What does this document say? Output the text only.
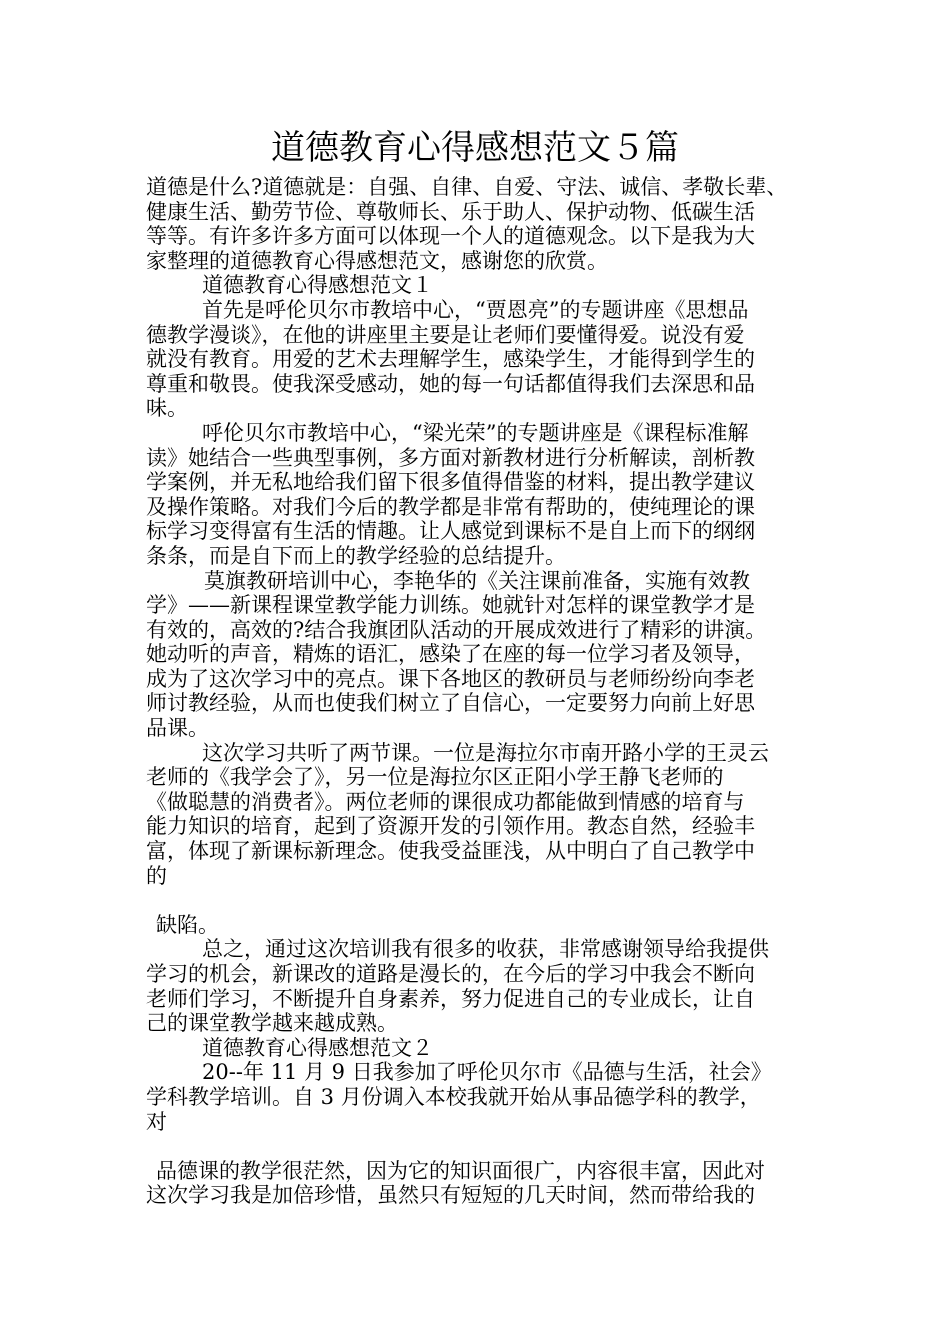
道德教育心得感想范文５篇
道德是什么?道德就是：自强、自律、自爱、守法、诚信、孝敬长辈、
健康生活、勤劳节俭、尊敬师长、乐于助人、保护动物、低碳生活
等等。有许多许多方面可以体现一个人的道德观念。以下是我为大
家整理的道德教育心得感想范文，感谢您的欣赏。
道德教育心得感想范文１
首先是呼伦贝尔市教培中心，“贾恩亮”的专题讲座《思想品
德教学漫谈》，在他的讲座里主要是让老师们要懂得爱。说没有爱
就没有教育。用爱的艺术去理解学生，感染学生，才能得到学生的
尊重和敬畏。使我深受感动，她的每一句话都值得我们去深思和品
味。
呼伦贝尔市教培中心，“梁光荣”的专题讲座是《课程标准解
读》她结合一些典型事例，多方面对新教材进行分析解读，剖析教
学案例，并无私地给我们留下很多值得借鉴的材料，提出教学建议
及操作策略。对我们今后的教学都是非常有帮助的，使纯理论的课
标学习变得富有生活的情趣。让人感觉到课标不是自上而下的纲纲
条条，而是自下而上的教学经验的总结提升。
莫旗教研培训中心，李艳华的《关注课前准备，实施有效教
学》——新课程课堂教学能力训练。她就针对怎样的课堂教学才是
有效的，高效的?结合我旗团队活动的开展成效进行了精彩的讲演。
她动听的声音，精炼的语汇，感染了在座的每一位学习者及领导，
成为了这次学习中的亮点。课下各地区的教研员与老师纷纷向李老
师讨教经验，从而也使我们树立了自信心，一定要努力向前上好思
品课。
这次学习共听了两节课。一位是海拉尔市南开路小学的王灵云
老师的《我学会了》，另一位是海拉尔区正阳小学王静飞老师的
《做聪慧的消费者》。两位老师的课很成功都能做到情感的培育与
能力知识的培育，起到了资源开发的引领作用。教态自然，经验丰
富，体现了新课标新理念。使我受益匪浅，从中明白了自己教学中
的
缺陷。
总之，通过这次培训我有很多的收获，非常感谢领导给我提供
学习的机会，新课改的道路是漫长的，在今后的学习中我会不断向
老师们学习，不断提升自身素养，努力促进自己的专业成长，让自
己的课堂教学越来越成熟。
道德教育心得感想范文２
20--年 11 月 9 日我参加了呼伦贝尔市《品德与生活，社会》
学科教学培训。自 3 月份调入本校我就开始从事品德学科的教学，
对
品德课的教学很茫然，因为它的知识面很广，内容很丰富，因此对
这次学习我是加倍珍惜，虽然只有短短的几天时间，然而带给我的
